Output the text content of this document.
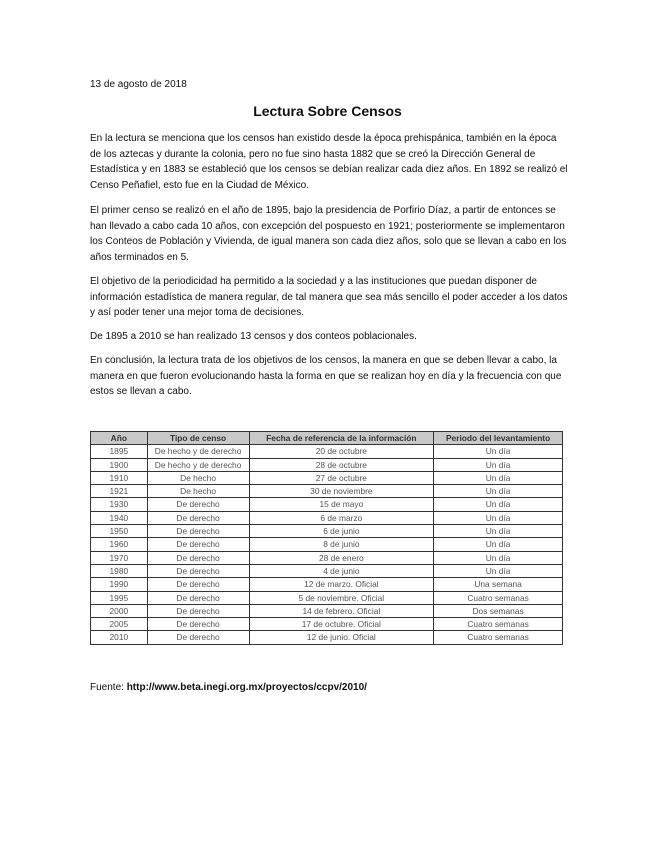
13 de agosto de 2018
Lectura Sobre Censos

En la lectura se menciona que los censos han existido desde la época prehispánica, también en la época de los aztecas y durante la colonia, pero no fue sino hasta 1882 que se creó la Dirección General de Estadística y en 1883 se estableció que los censos se debían realizar cada diez años. En 1892 se realizó el Censo Peñafiel, esto fue en la Ciudad de México.

El primer censo se realizó en el año de 1895, bajo la presidencia de Porfirio Díaz, a partir de entonces se han llevado a cabo cada 10 años, con excepción del pospuesto en 1921; posteriormente se implementaron los Conteos de Población y Vivienda, de igual manera son cada diez años, solo que se llevan a cabo en los años terminados en 5.

El objetivo de la periodicidad ha permitido a la sociedad y a las instituciones que puedan disponer de información estadística de manera regular, de tal manera que sea más sencillo el poder acceder a los datos y así poder tener una mejor toma de decisiones.

De 1895 a 2010 se han realizado 13 censos y dos conteos poblacionales.

En conclusión, la lectura trata de los objetivos de los censos, la manera en que se deben llevar a cabo, la manera en que fueron evolucionando hasta la forma en que se realizan hoy en día y la frecuencia con que estos se llevan a cabo.

Año	Tipo de censo	Fecha de referencia de la información	Periodo del levantamiento
1895	De hecho y de derecho	20 de octubre	Un día
1900	De hecho y de derecho	28 de octubre	Un día
1910	De hecho	27 de octubre	Un día
1921	De hecho	30 de noviembre	Un día
1930	De derecho	15 de mayo	Un día
1940	De derecho	6 de marzo	Un día
1950	De derecho	6 de junio	Un día
1960	De derecho	8 de junio	Un día
1970	De derecho	28 de enero	Un día
1980	De derecho	4 de junio	Un día
1990	De derecho	12 de marzo. Oficial	Una semana
1995	De derecho	5 de noviembre. Oficial	Cuatro semanas
2000	De derecho	14 de febrero. Oficial	Dos semanas
2005	De derecho	17 de octubre. Oficial	Cuatro semanas
2010	De derecho	12 de junio. Oficial	Cuatro semanas
Fuente: http://www.beta.inegi.org.mx/proyectos/ccpv/2010/
